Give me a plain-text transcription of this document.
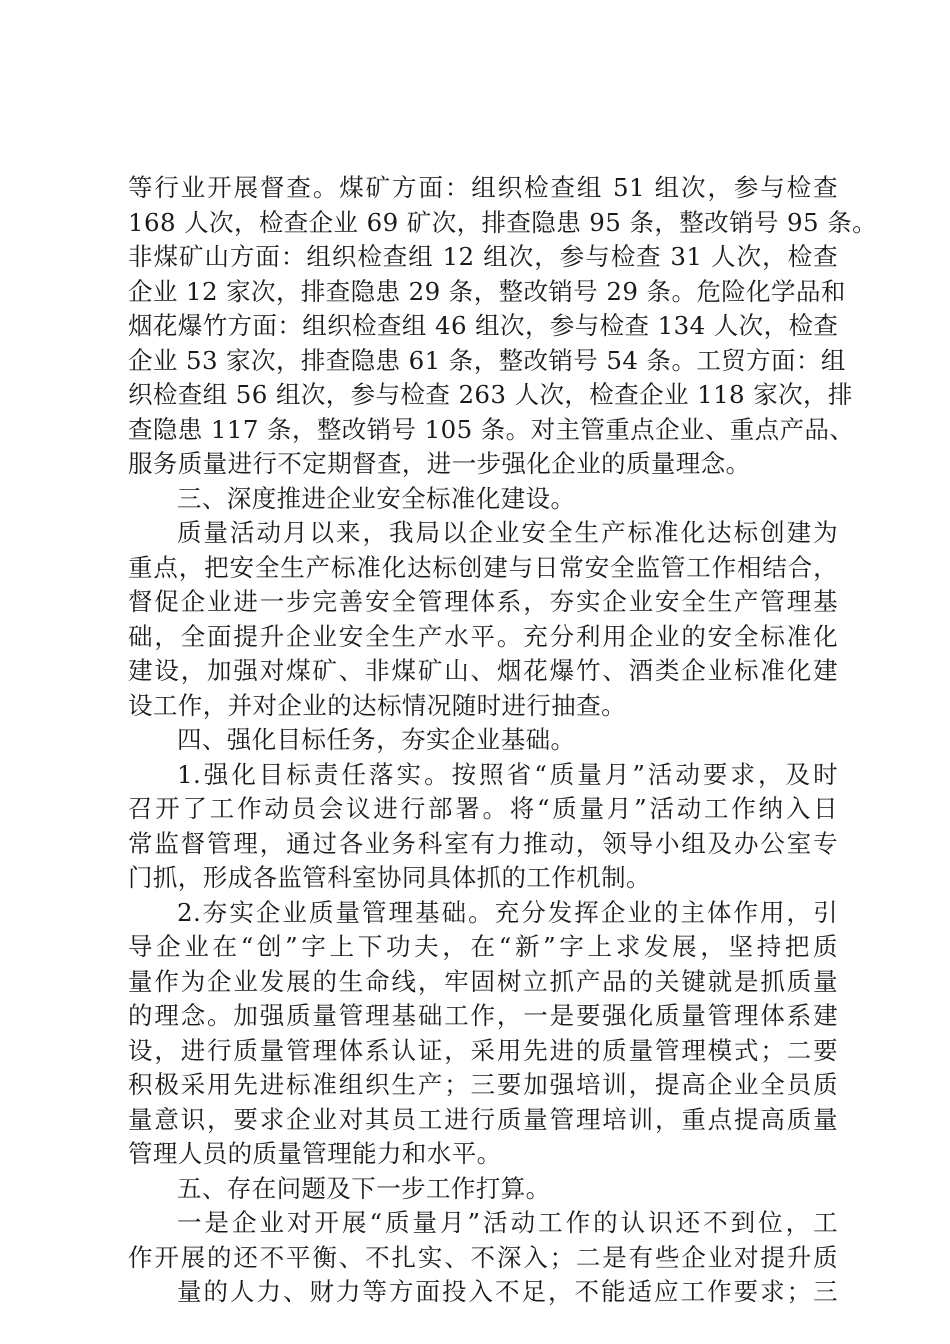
等行业开展督查。煤矿方面：组织检查组 51 组次，参与检查
168 人次，检查企业 69 矿次，排查隐患 95 条，整改销号 95 条。
非煤矿山方面：组织检查组 12 组次，参与检查 31 人次，检查
企业 12 家次，排查隐患 29 条，整改销号 29 条。危险化学品和
烟花爆竹方面：组织检查组 46 组次，参与检查 134 人次，检查
企业 53 家次，排查隐患 61 条，整改销号 54 条。工贸方面：组
织检查组 56 组次，参与检查 263 人次，检查企业 118 家次，排
查隐患 117 条，整改销号 105 条。对主管重点企业、重点产品、
服务质量进行不定期督查，进一步强化企业的质量理念。
三、深度推进企业安全标准化建设。
质量活动月以来，我局以企业安全生产标准化达标创建为
重点，把安全生产标准化达标创建与日常安全监管工作相结合，
督促企业进一步完善安全管理体系，夯实企业安全生产管理基
础，全面提升企业安全生产水平。充分利用企业的安全标准化
建设，加强对煤矿、非煤矿山、烟花爆竹、酒类企业标准化建
设工作，并对企业的达标情况随时进行抽查。
四、强化目标任务，夯实企业基础。
1.强化目标责任落实。按照省“质量月”活动要求，及时
召开了工作动员会议进行部署。将“质量月”活动工作纳入日
常监督管理，通过各业务科室有力推动，领导小组及办公室专
门抓，形成各监管科室协同具体抓的工作机制。
2.夯实企业质量管理基础。充分发挥企业的主体作用，引
导企业在“创”字上下功夫，在“新”字上求发展，坚持把质
量作为企业发展的生命线，牢固树立抓产品的关键就是抓质量
的理念。加强质量管理基础工作，一是要强化质量管理体系建
设，进行质量管理体系认证，采用先进的质量管理模式；二要
积极采用先进标准组织生产；三要加强培训，提高企业全员质
量意识，要求企业对其员工进行质量管理培训，重点提高质量
管理人员的质量管理能力和水平。
五、存在问题及下一步工作打算。
一是企业对开展“质量月”活动工作的认识还不到位，工
作开展的还不平衡、不扎实、不深入；二是有些企业对提升质
量的人力、财力等方面投入不足，不能适应工作要求；三
